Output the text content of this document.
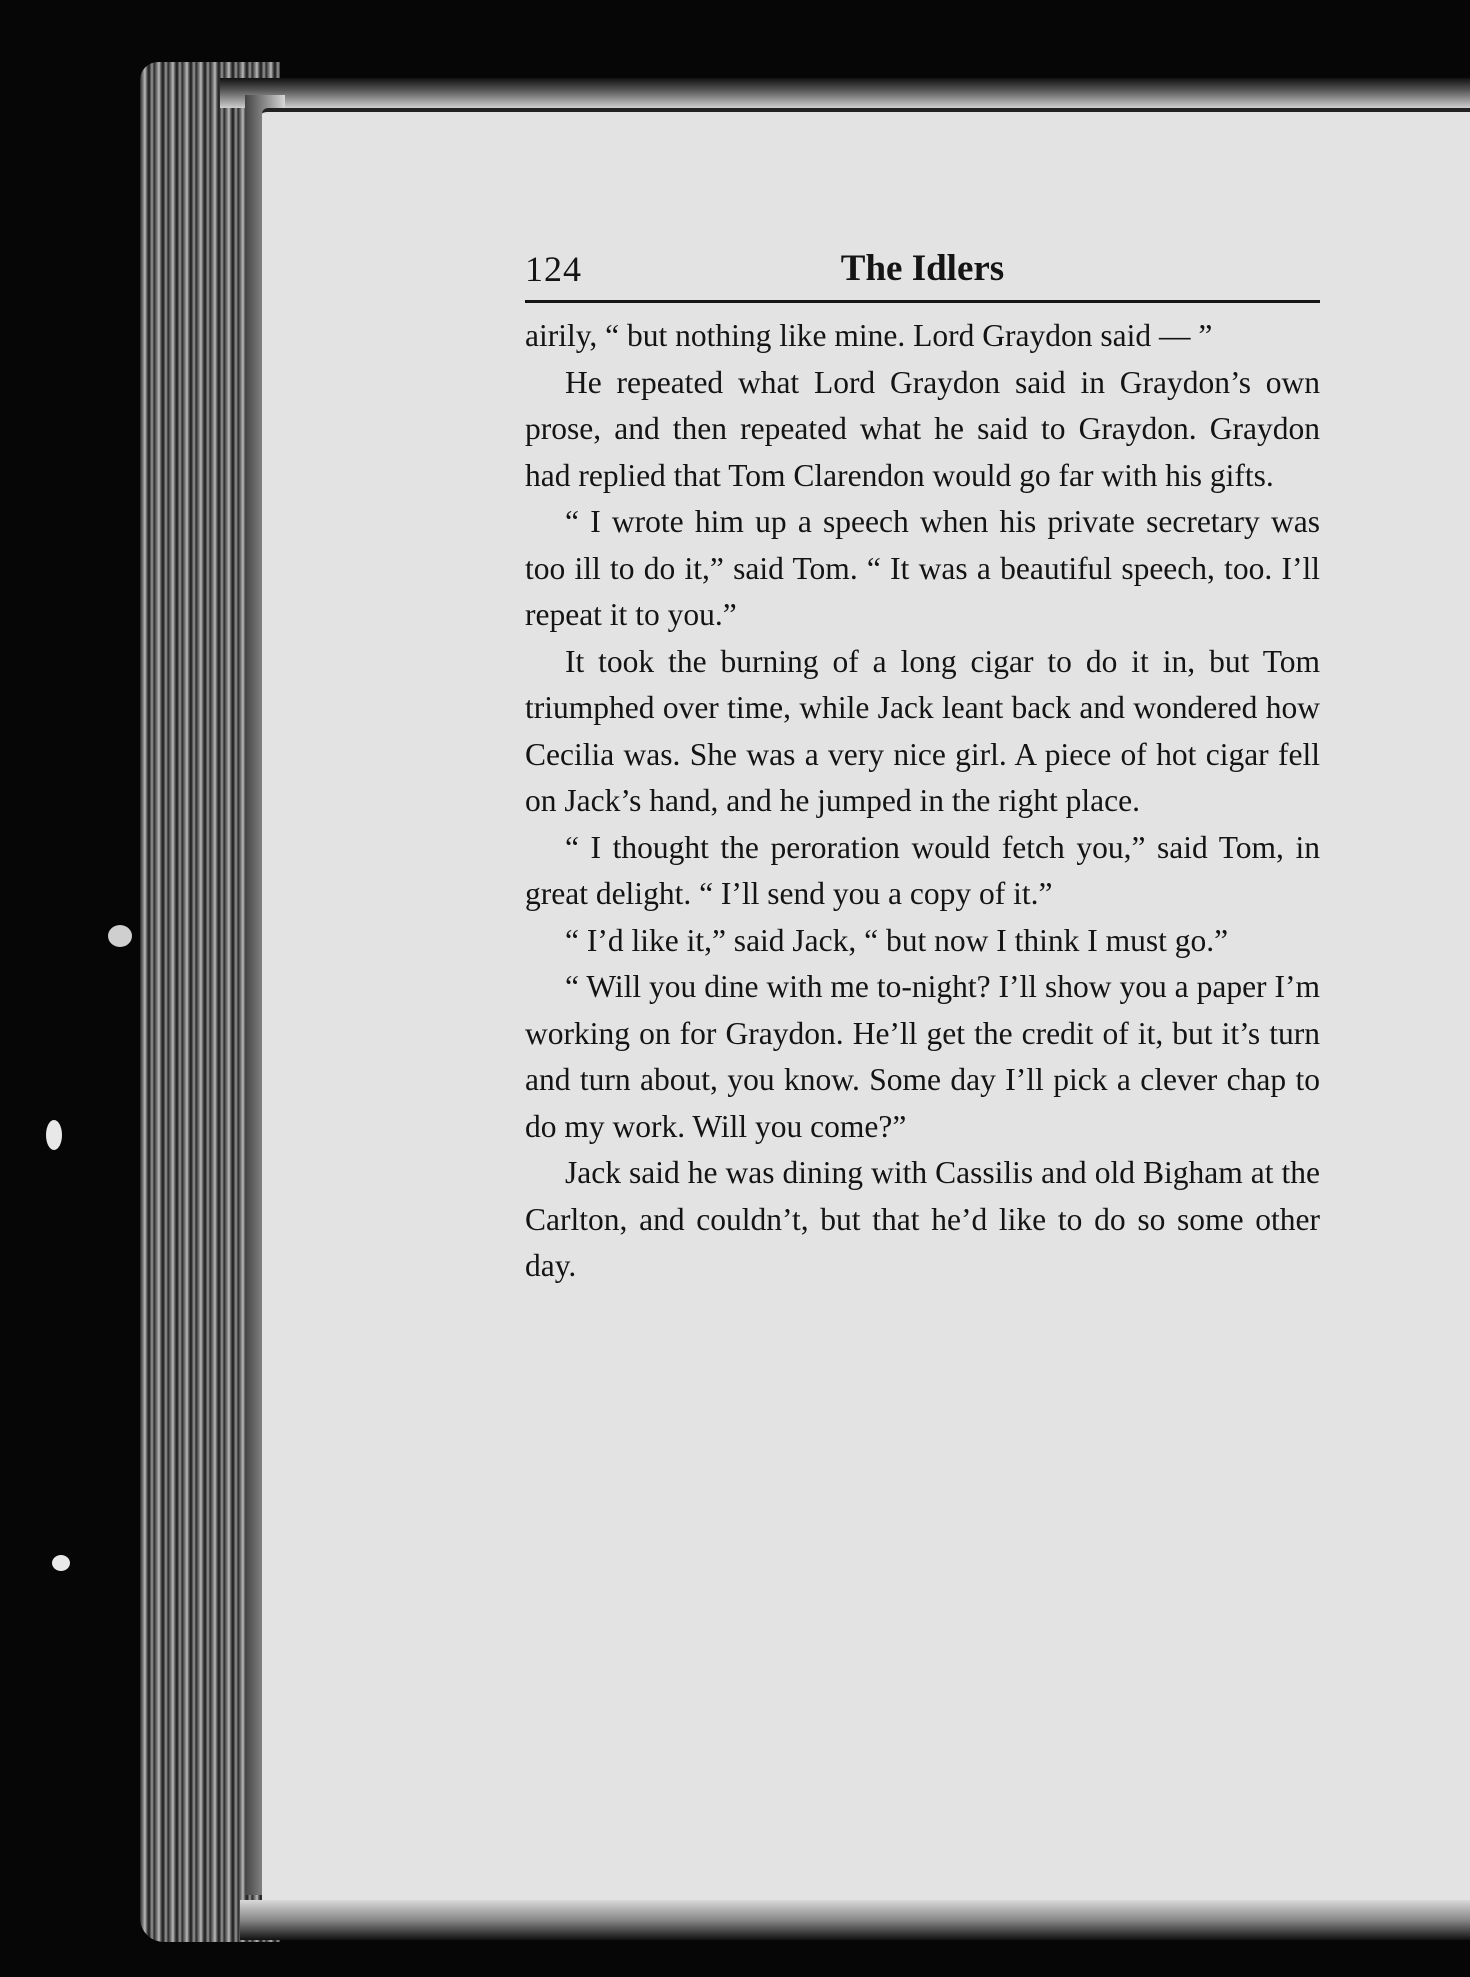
124	The Idlers

airily, “ but nothing like mine. Lord Graydon said — ”

He repeated what Lord Graydon said in Graydon’s own prose, and then repeated what he said to Graydon. Graydon had replied that Tom Clarendon would go far with his gifts.

“ I wrote him up a speech when his private secretary was too ill to do it,” said Tom. “ It was a beautiful speech, too. I’ll repeat it to you.”

It took the burning of a long cigar to do it in, but Tom triumphed over time, while Jack leant back and wondered how Cecilia was. She was a very nice girl. A piece of hot cigar fell on Jack’s hand, and he jumped in the right place.

“ I thought the peroration would fetch you,” said Tom, in great delight. “ I’ll send you a copy of it.”

“ I’d like it,” said Jack, “ but now I think I must go.”

“ Will you dine with me to-night? I’ll show you a paper I’m working on for Graydon. He’ll get the credit of it, but it’s turn and turn about, you know. Some day I’ll pick a clever chap to do my work. Will you come?”

Jack said he was dining with Cassilis and old Bigham at the Carlton, and couldn’t, but that he’d like to do so some other day.
